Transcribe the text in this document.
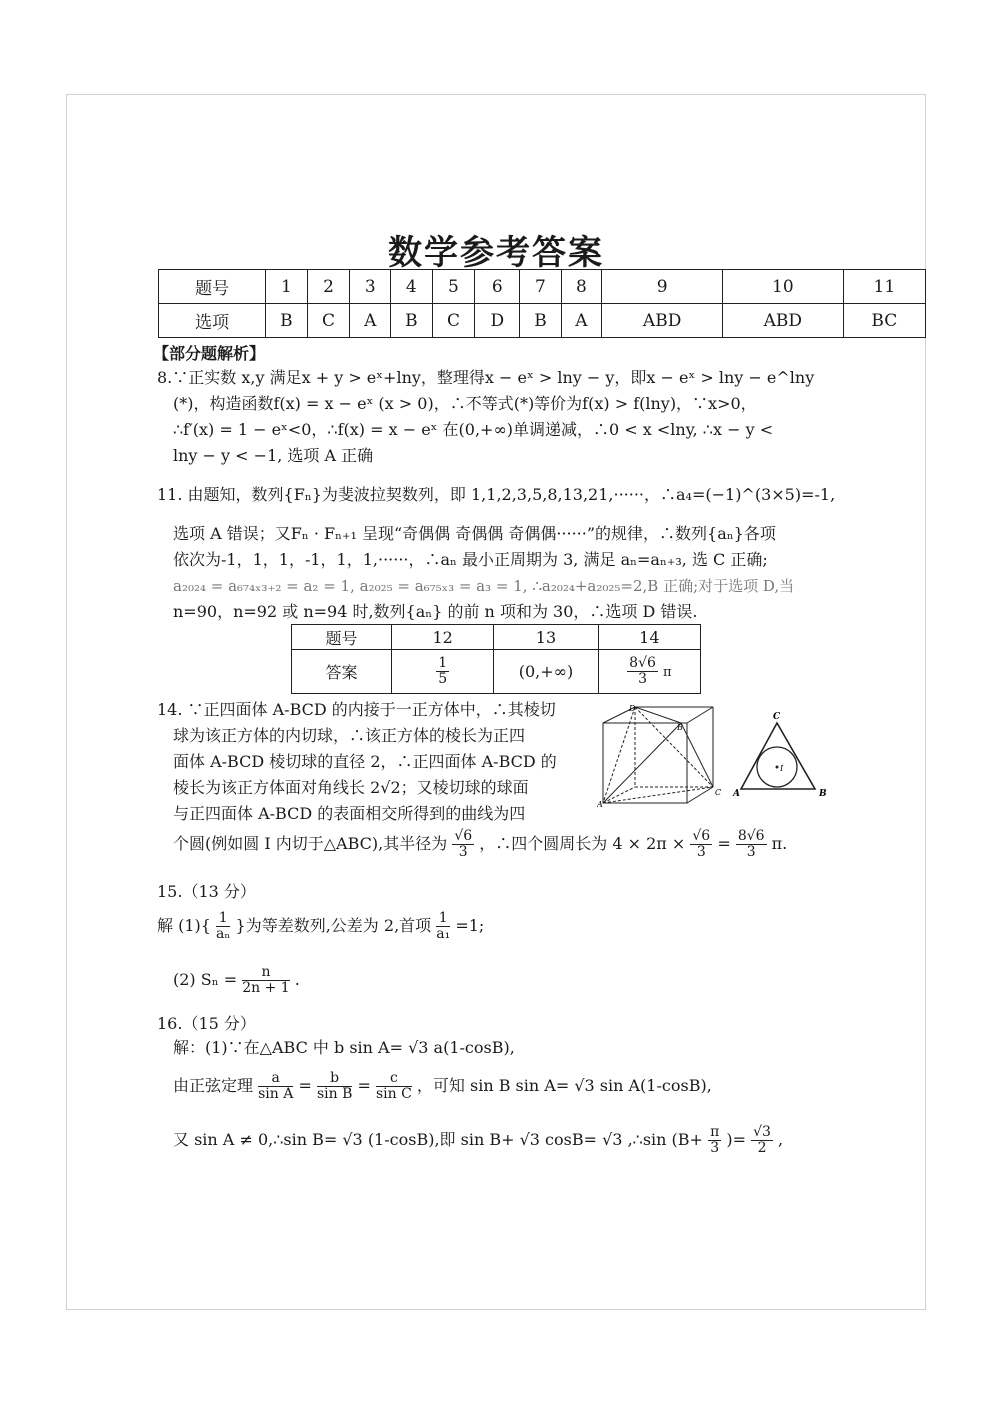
数学参考答案
题号	1	2	3	4	5	6	7	8	9	10	11
选项	B	C	A	B	C	D	B	A	ABD	ABD	BC
【部分题解析】
8.∵正实数 x,y 满足x + y > eˣ+lny，整理得x − eˣ > lny − y，即x − eˣ > lny − e^lny
(*)，构造函数f(x) = x − eˣ (x > 0)，∴不等式(*)等价为f(x) > f(lny)，∵x>0，
∴f′(x) = 1 − eˣ<0，∴f(x) = x − eˣ 在(0,+∞)单调递减，∴0 < x <lny, ∴x − y <
lny − y < −1, 选项 A 正确
11. 由题知，数列{Fₙ}为斐波拉契数列，即 1,1,2,3,5,8,13,21,······，∴a₄=(−1)^(3×5)=-1,
选项 A 错误；又Fₙ · Fₙ₊₁ 呈现“奇偶偶 奇偶偶 奇偶偶······”的规律，∴数列{aₙ}各项
依次为-1，1，1，-1，1，1,······，∴aₙ 最小正周期为 3, 满足 aₙ=aₙ₊₃, 选 C 正确;
a₂₀₂₄ = a₆₇₄ₓ₃₊₂ = a₂ = 1, a₂₀₂₅ = a₆₇₅ₓ₃ = a₃ = 1, ∴a₂₀₂₄+a₂₀₂₅=2,B 正确;对于选项 D,当
n=90，n=92 或 n=94 时,数列{aₙ} 的前 n 项和为 30，∴选项 D 错误.
题号	12	13	14
答案	$\frac{1}{5}$	(0,+∞)	$\frac{8√6}{3}$ π
14. ∵正四面体 A-BCD 的内接于一正方体中，∴其棱切
球为该正方体的内切球，∴该正方体的棱长为正四
面体 A-BCD 棱切球的直径 2，∴正四面体 A-BCD 的
棱长为该正方体面对角线长 2√2；又棱切球的球面
与正四面体 A-BCD 的表面相交所得到的曲线为四
D
B
A
C
C
A	B
I
个圆(例如圆 I 内切于△ABC),其半径为 $\frac{√6}{3}$ ，∴四个圆周长为 $4 \times 2\pi \times \frac{√6}{3} = \frac{8√6}{3} \pi$.
15.（13 分）
解 $(1)\{ \frac{1}{\text{aₙ}}$ }为等差数列,公差为 2,首项 $\frac{1}{\text{a₁}} =1$;
(2) $S_n = \frac{n}{2n + 1}$ .
16.（15 分）
解：(1)∵在△ABC 中 b sin A= √3 a(1-cosB),
由正弦定理 $\frac{a}{\text{sin A}} = \frac{b}{\text{sin B}} = \frac{c}{\text{sin C}}$ ，可知 sin B sin A= √3 sin A(1-cosB),
又 sin A ≠ 0,∴sin B= √3 (1-cosB),即 sin B+ √3 cosB= √3 ,∴sin ($B+ \frac{\pi}{3}$ )= $\frac{√3}{2}$ ,
